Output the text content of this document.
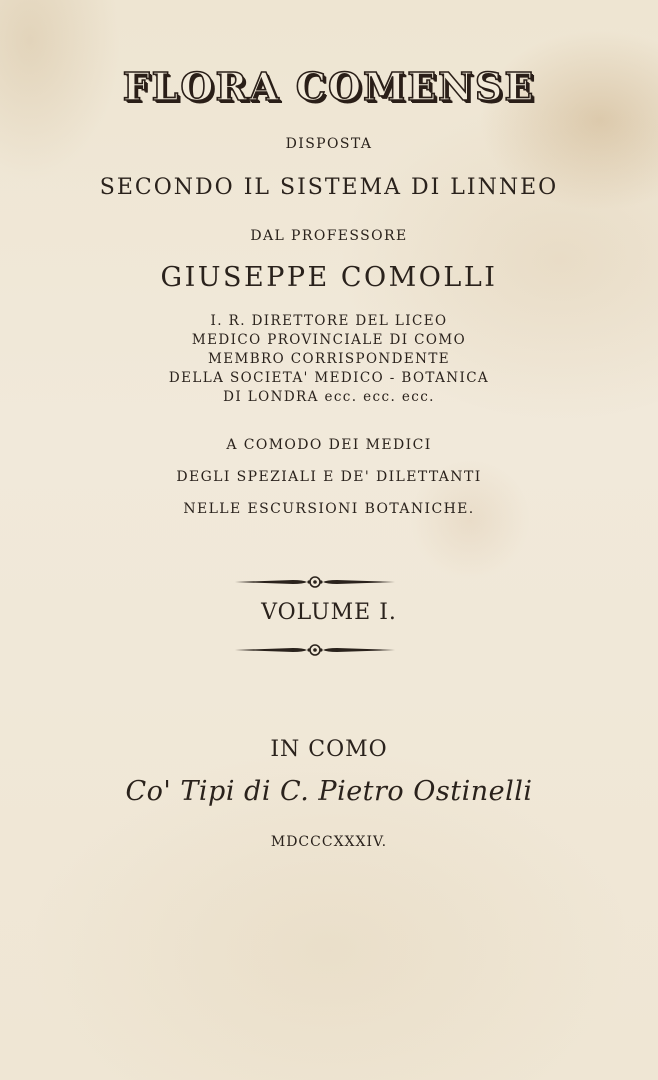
FLORA COMENSE
DISPOSTA
SECONDO IL SISTEMA DI LINNEO
DAL PROFESSORE
GIUSEPPE COMOLLI
I. R. DIRETTORE DEL LICEO
MEDICO PROVINCIALE DI COMO
MEMBRO CORRISPONDENTE
DELLA SOCIETA' MEDICO - BOTANICA
DI LONDRA ecc. ecc. ecc.
A COMODO DEI MEDICI
DEGLI SPEZIALI E DE' DILETTANTI
NELLE ESCURSIONI BOTANICHE.
VOLUME I.
IN COMO
Co' Tipi di C. Pietro Ostinelli
MDCCCXXXIV.
